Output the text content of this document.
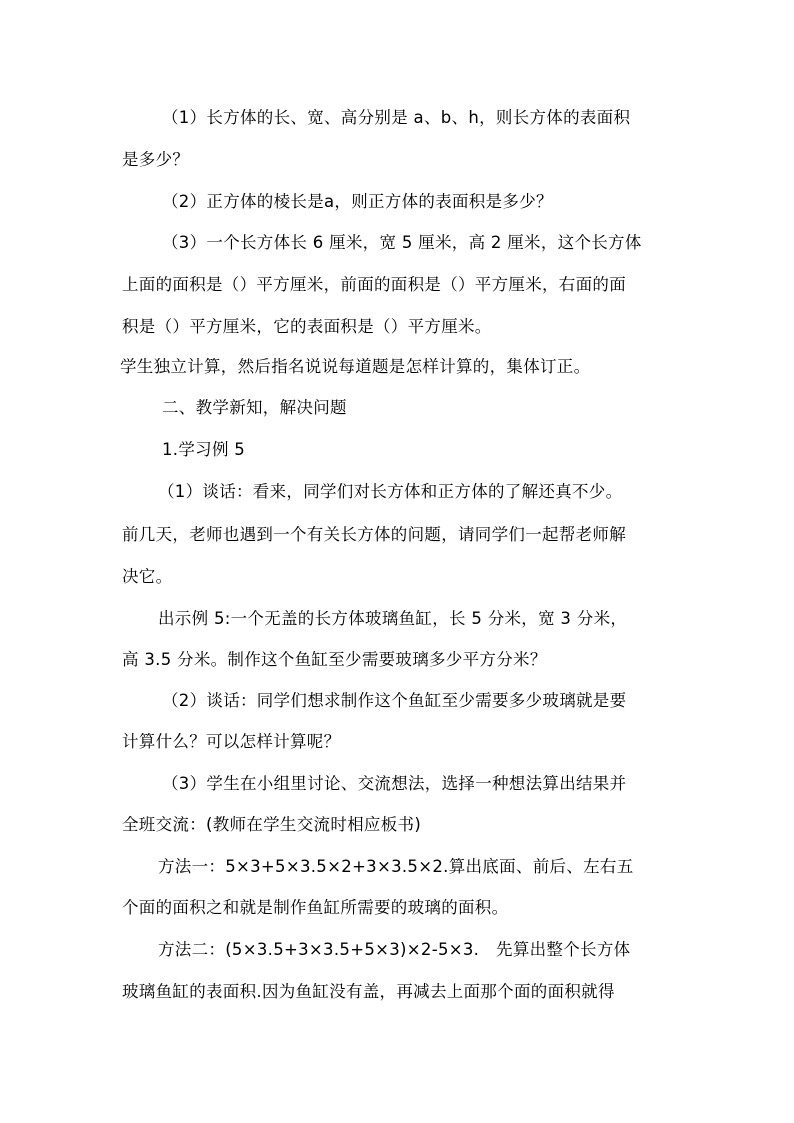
（1）长方体的长、宽、高分别是 a、b、h，则长方体的表面积
是多少？
（2）正方体的棱长是a，则正方体的表面积是多少？
（3）一个长方体长 6 厘米，宽 5 厘米，高 2 厘米，这个长方体
上面的面积是（）平方厘米，前面的面积是（）平方厘米，右面的面
积是（）平方厘米，它的表面积是（）平方厘米。
学生独立计算，然后指名说说每道题是怎样计算的，集体订正。
二、教学新知，解决问题
1.学习例 5
（1）谈话：看来，同学们对长方体和正方体的了解还真不少。
前几天，老师也遇到一个有关长方体的问题，请同学们一起帮老师解
决它。
出示例 5:一个无盖的长方体玻璃鱼缸，长 5 分米，宽 3 分米，
高 3.5 分米。制作这个鱼缸至少需要玻璃多少平方分米？
（2）谈话：同学们想求制作这个鱼缸至少需要多少玻璃就是要
计算什么？可以怎样计算呢？
（3）学生在小组里讨论、交流想法，选择一种想法算出结果并
全班交流：(教师在学生交流时相应板书)
方法一：5×3+5×3.5×2+3×3.5×2.算出底面、前后、左右五
个面的面积之和就是制作鱼缸所需要的玻璃的面积。
方法二：(5×3.5+3×3.5+5×3)×2-5×3.　先算出整个长方体
玻璃鱼缸的表面积.因为鱼缸没有盖，再减去上面那个面的面积就得
